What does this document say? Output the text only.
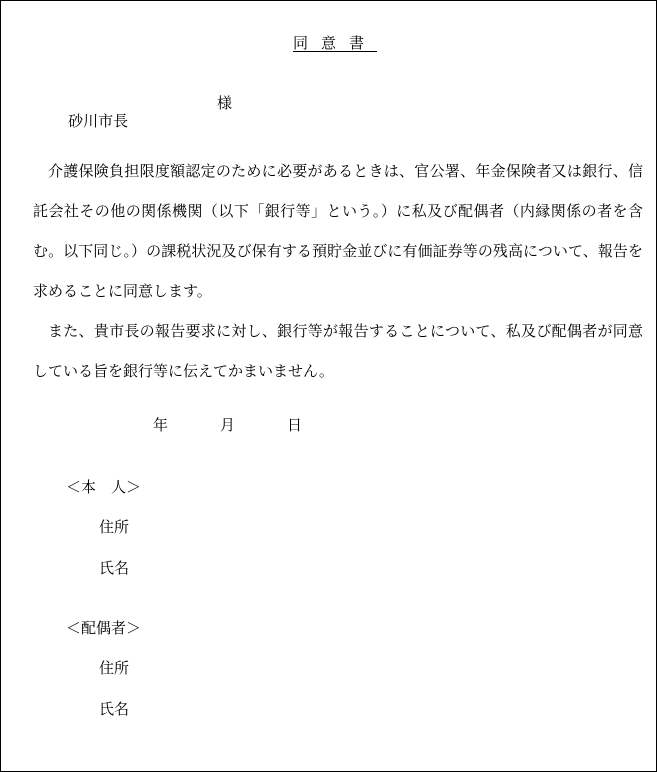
同意書

砂川市長

様

介護保険負担限度額認定のために必要があるときは、官公署、年金保険者又は銀行、信託会社その他の関係機関（以下「銀行等」という。）に私及び配偶者（内縁関係の者を含む。以下同じ。）の課税状況及び保有する預貯金並びに有価証券等の残高について、報告を求めることに同意します。

また、貴市長の報告要求に対し、銀行等が報告することについて、私及び配偶者が同意している旨を銀行等に伝えてかまいません。

年	月	日
＜本　人＞
住所
氏名
＜配偶者＞
住所
氏名
